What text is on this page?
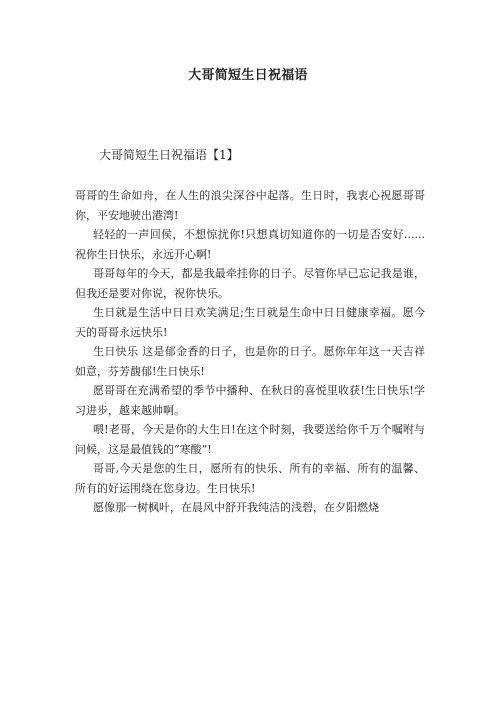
大哥简短生日祝福语
大哥简短生日祝福语【1】

哥哥的生命如舟，在人生的浪尖深谷中起落。生日时，我衷心祝愿哥哥你，平安地驶出港湾!

轻轻的一声回侯，不想惊扰你!只想真切知道你的一切是否安好......祝你生日快乐，永远开心啊!

哥哥每年的今天，都是我最牵挂你的日子。尽管你早已忘记我是谁，但我还是要对你说，祝你快乐。

生日就是生活中日日欢笑满足;生日就是生命中日日健康幸福。愿今天的哥哥永远快乐!

生日快乐 这是郁金香的日子，也是你的日子。愿你年年这一天吉祥如意，芬芳馥郁!生日快乐!

愿哥哥在充满希望的季节中播种、在秋日的喜悦里收获!生日快乐!学习进步，越来越帅啊。

喂!老哥，今天是你的大生日!在这个时刻，我要送给你千万个嘱咐与问候，这是最值钱的“寒酸”!

哥哥,今天是您的生日，愿所有的快乐、所有的幸福、所有的温馨、所有的好运围绕在您身边。生日快乐!

愿像那一树枫叶，在晨风中舒开我纯洁的浅碧，在夕阳燃烧
